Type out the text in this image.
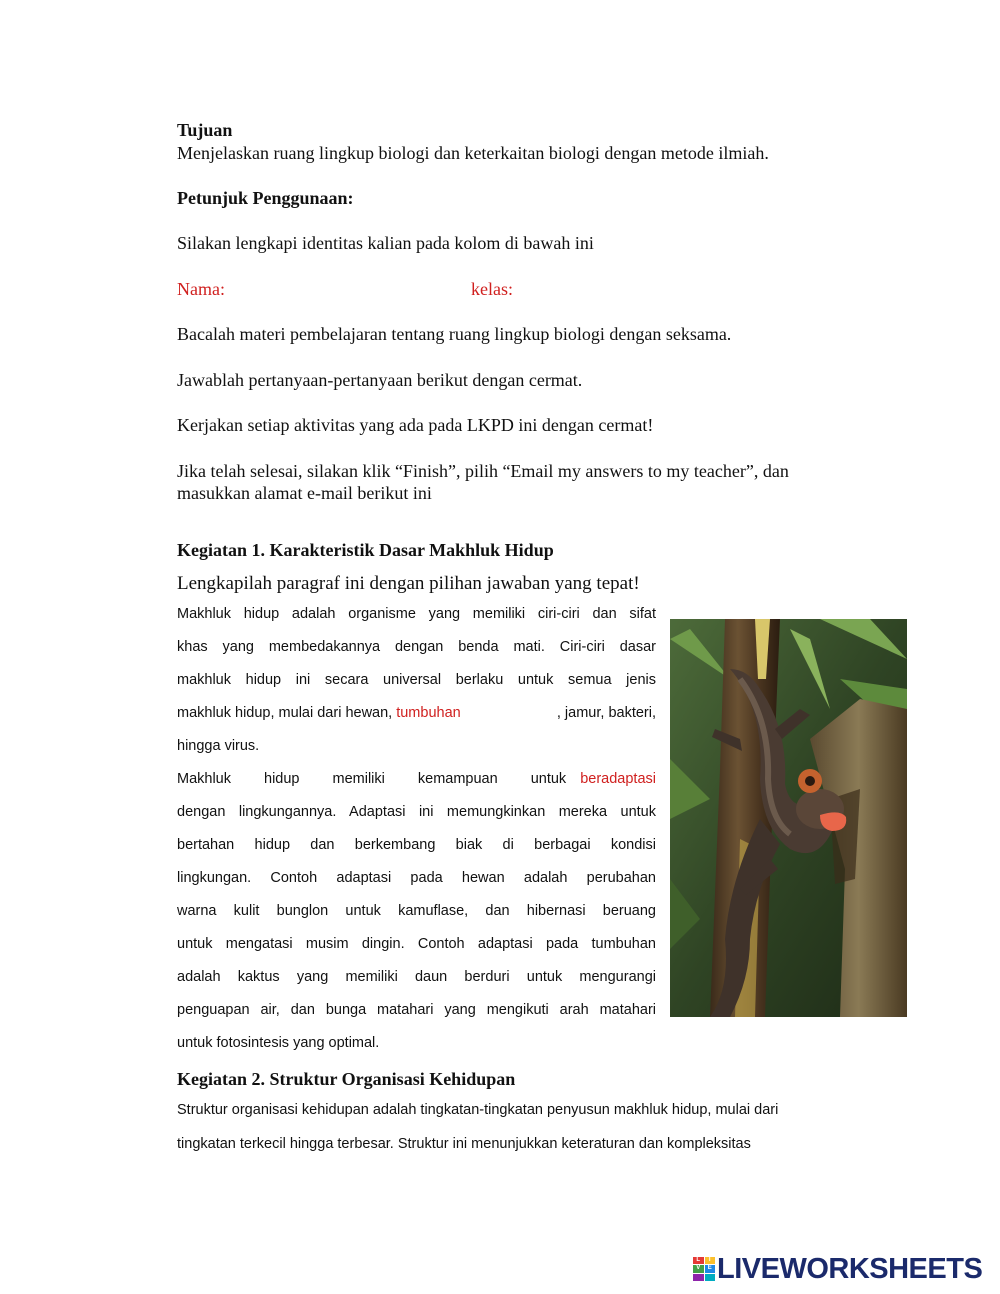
Tujuan
Menjelaskan ruang lingkup biologi dan keterkaitan biologi dengan metode ilmiah.
Petunjuk Penggunaan:
Silakan lengkapi identitas kalian pada kolom di bawah ini
Nama:	kelas:
Bacalah materi pembelajaran tentang ruang lingkup biologi dengan seksama.
Jawablah pertanyaan-pertanyaan berikut dengan cermat.
Kerjakan setiap aktivitas yang ada pada LKPD ini dengan cermat!
Jika telah selesai, silakan klik “Finish”, pilih “Email my answers to my teacher”, dan
masukkan alamat e-mail berikut ini
Kegiatan 1. Karakteristik Dasar Makhluk Hidup
Lengkapilah paragraf ini dengan pilihan jawaban yang tepat!
Makhluk hidup adalah organisme yang memiliki ciri-ciri dan sifat
khas yang membedakannya dengan benda mati. Ciri-ciri dasar
makhluk hidup ini secara universal berlaku untuk semua jenis
makhluk hidup, mulai dari hewan, tumbuhan	, jamur, bakteri,
hingga virus.
Makhluk hidup memiliki kemampuan untuk beradaptasi
dengan lingkungannya. Adaptasi ini memungkinkan mereka untuk
bertahan hidup dan berkembang biak di berbagai kondisi
lingkungan. Contoh adaptasi pada hewan adalah perubahan
warna kulit bunglon untuk kamuflase, dan hibernasi beruang
untuk mengatasi musim dingin. Contoh adaptasi pada tumbuhan
adalah kaktus yang memiliki daun berduri untuk mengurangi
penguapan air, dan bunga matahari yang mengikuti arah matahari
untuk fotosintesis yang optimal.
Kegiatan 2. Struktur Organisasi Kehidupan
Struktur organisasi kehidupan adalah tingkatan-tingkatan penyusun makhluk hidup, mulai dari
tingkatan terkecil hingga terbesar. Struktur ini menunjukkan keteraturan dan kompleksitas
L	I
V	E LIVEWORKSHEETS
